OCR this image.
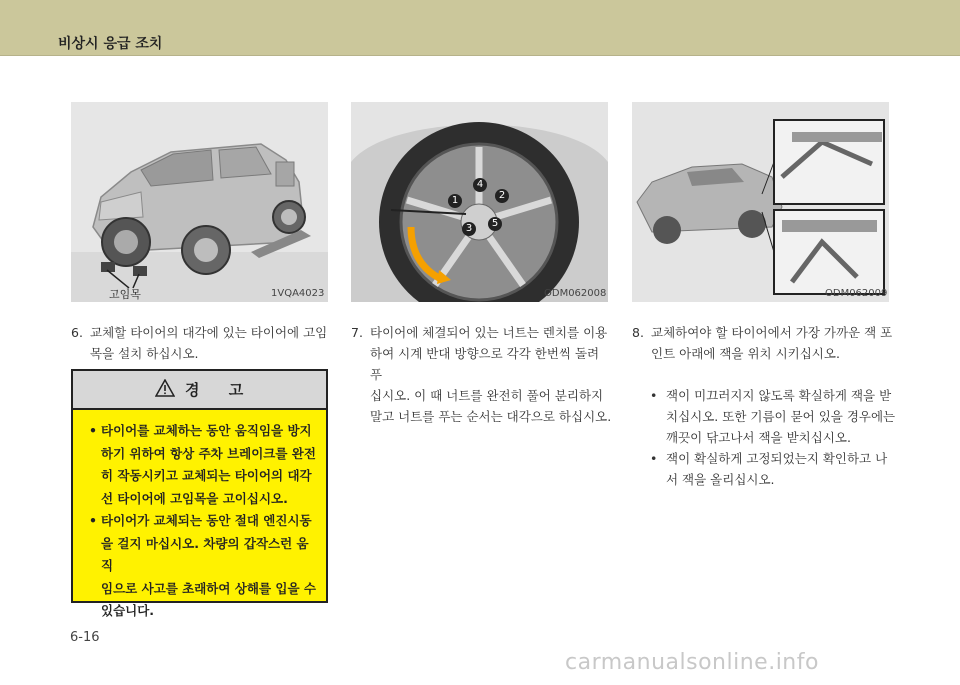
비상시 응급 조치
고임목	1VQA4023
1	2
3
4
5
ODM062008	ODM062009
6. 교체할 타이어의 대각에 있는 타이어에 고임
목을 설치 하십시오.
경 고
• 타이어를 교체하는 동안 움직임을 방지
하기 위하여 항상 주차 브레이크를 완전
히 작동시키고 교체되는 타이어의 대각
선 타이어에 고임목을 고이십시오.
• 타이어가 교체되는 동안 절대 엔진시동
을 걸지 마십시오. 차량의 갑작스런 움직
임으로 사고를 초래하여 상해를 입을 수
있습니다.
7. 타이어에 체결되어 있는 너트는 렌치를 이용
하여 시계 반대 방향으로 각각 한번씩 돌려 푸
십시오. 이 때 너트를 완전히 풀어 분리하지
말고 너트를 푸는 순서는 대각으로 하십시오.
8. 교체하여야 할 타이어에서 가장 가까운 잭 포
인트 아래에 잭을 위치 시키십시오.
• 잭이 미끄러지지 않도록 확실하게 잭을 받
치십시오. 또한 기름이 묻어 있을 경우에는
깨끗이 닦고나서 잭을 받치십시오.
• 잭이 확실하게 고정되었는지 확인하고 나
서 잭을 올리십시오.
6-16
carmanualsonline.info
